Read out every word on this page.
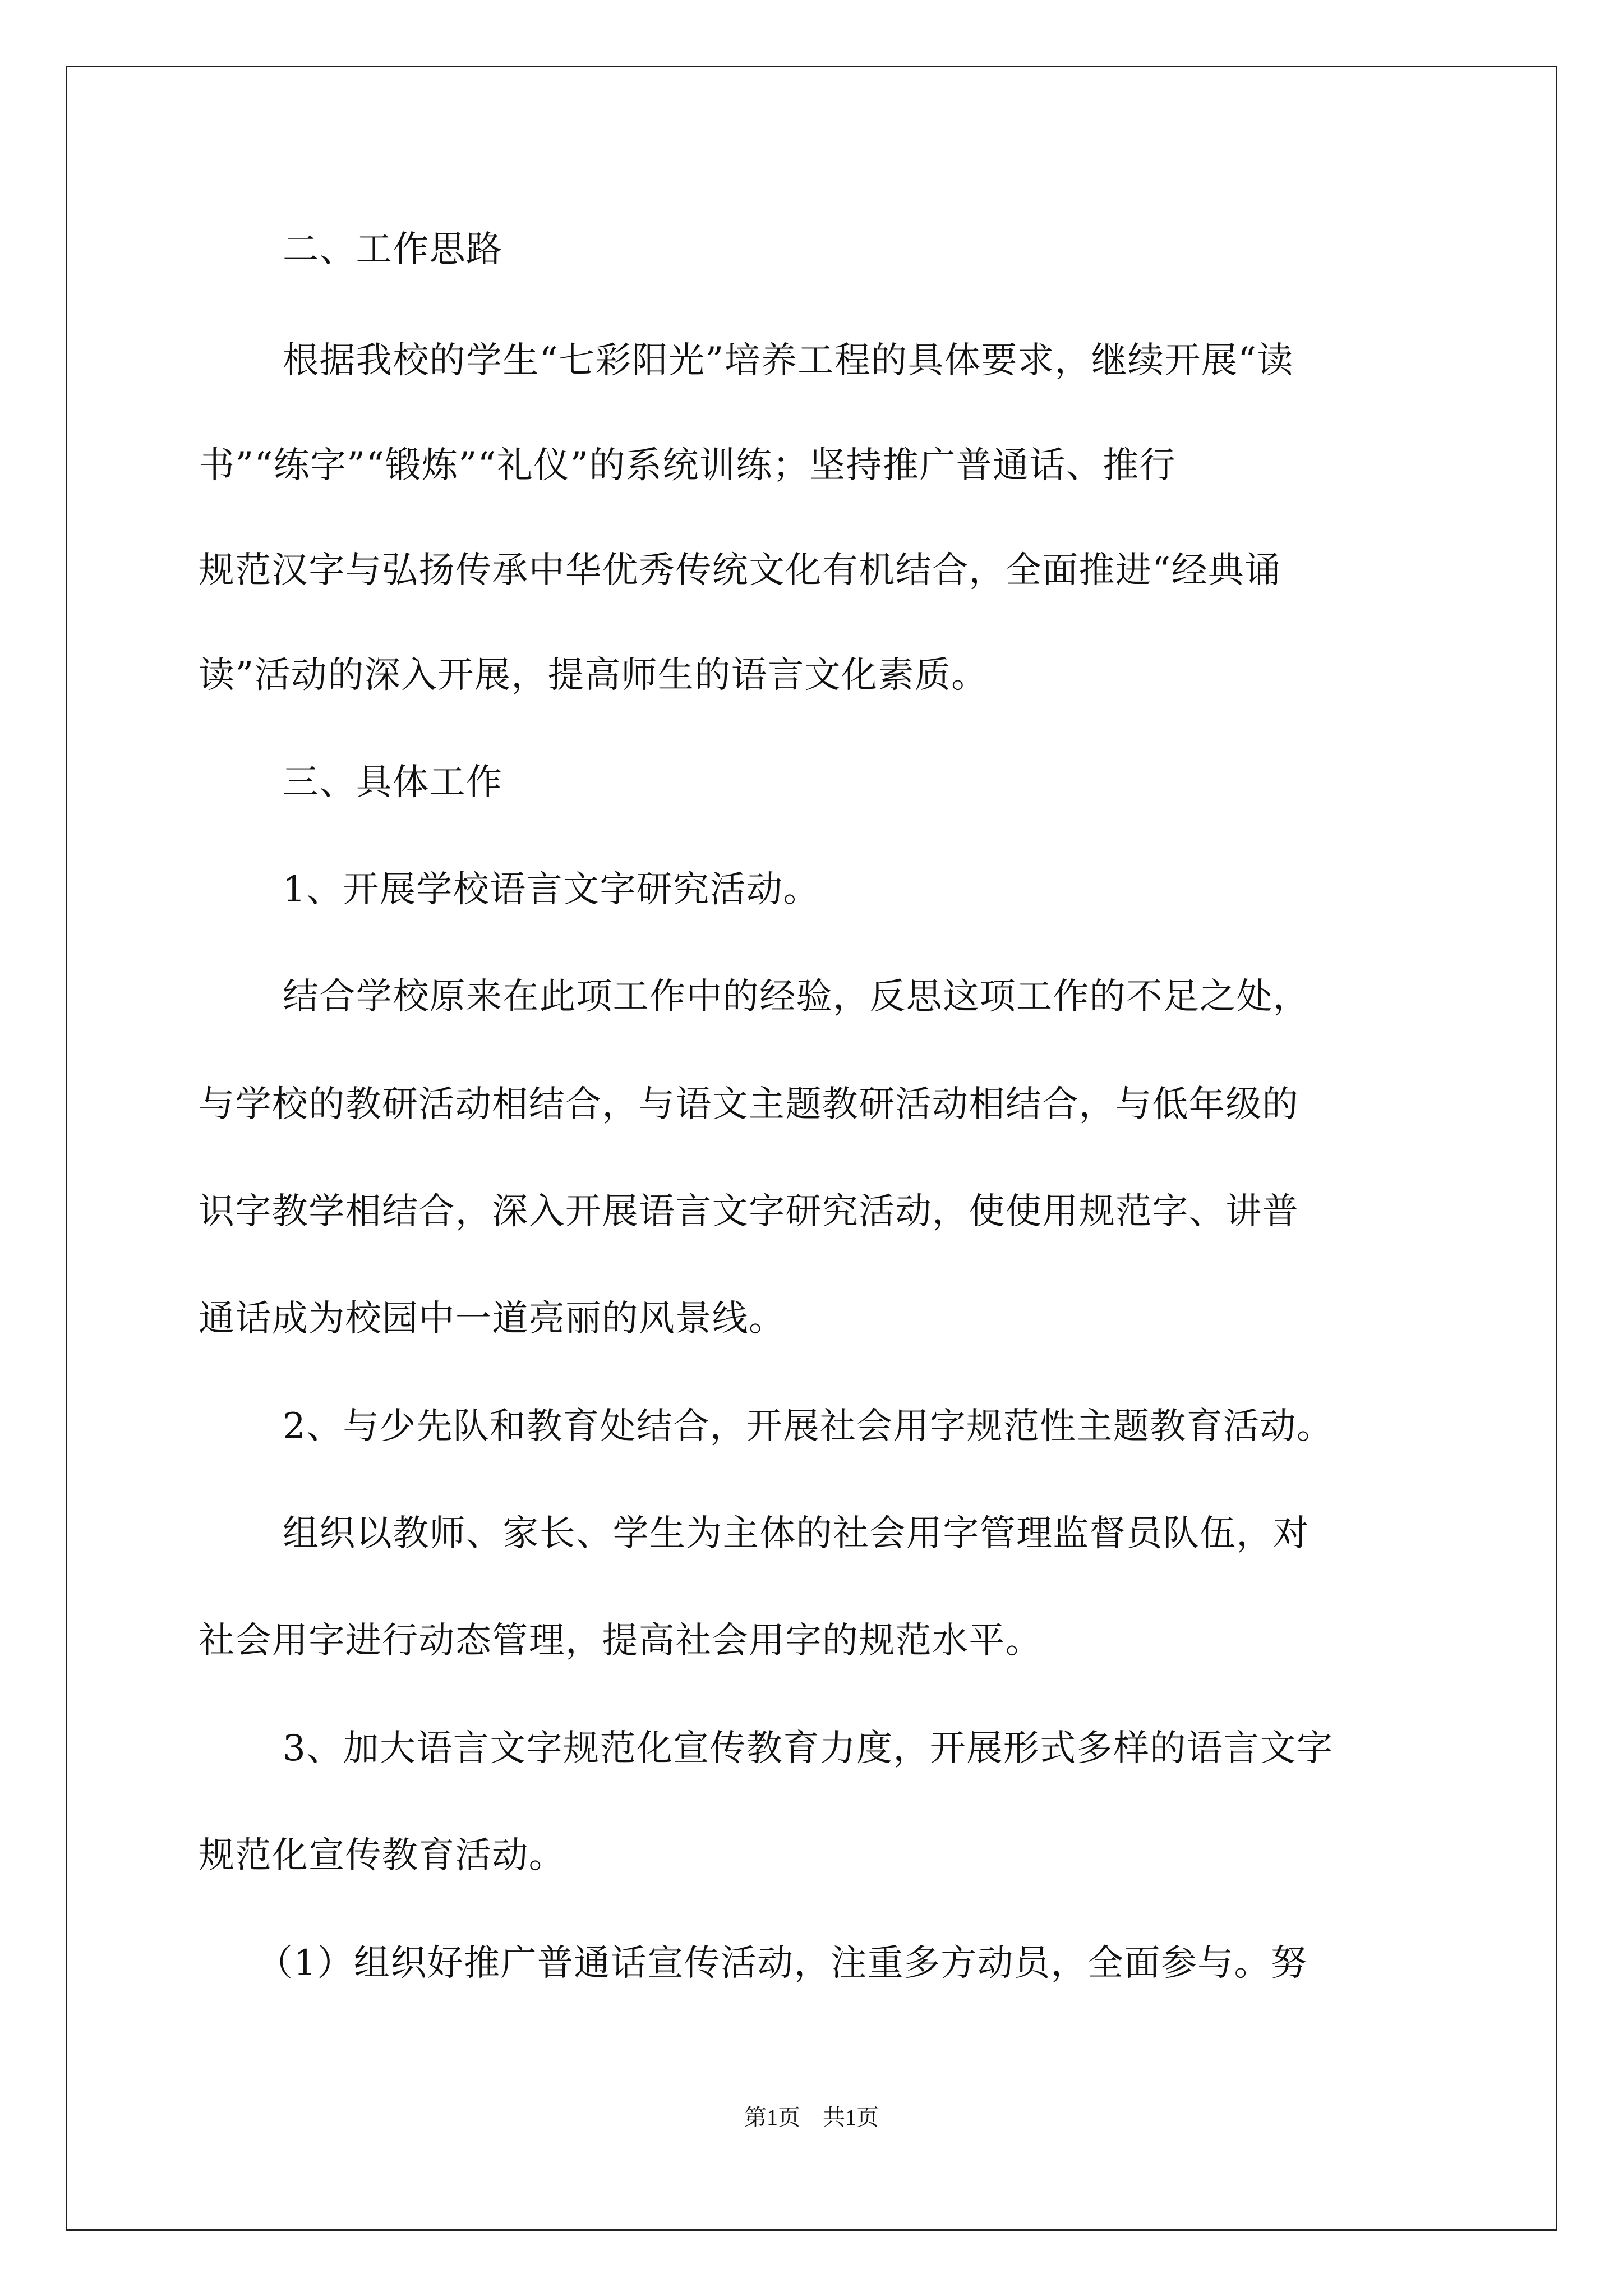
二、工作思路
根据我校的学生“七彩阳光”培养工程的具体要求，继续开展“读
书”“练字”“锻炼”“礼仪”的系统训练；坚持推广普通话、推行
规范汉字与弘扬传承中华优秀传统文化有机结合，全面推进“经典诵
读”活动的深入开展，提高师生的语言文化素质。
三、具体工作
1、开展学校语言文字研究活动。
结合学校原来在此项工作中的经验，反思这项工作的不足之处，
与学校的教研活动相结合，与语文主题教研活动相结合，与低年级的
识字教学相结合，深入开展语言文字研究活动，使使用规范字、讲普
通话成为校园中一道亮丽的风景线。
2、与少先队和教育处结合，开展社会用字规范性主题教育活动。
组织以教师、家长、学生为主体的社会用字管理监督员队伍，对
社会用字进行动态管理，提高社会用字的规范水平。
3、加大语言文字规范化宣传教育力度，开展形式多样的语言文字
规范化宣传教育活动。
（1）组织好推广普通话宣传活动，注重多方动员，全面参与。努
第1页 共1页
